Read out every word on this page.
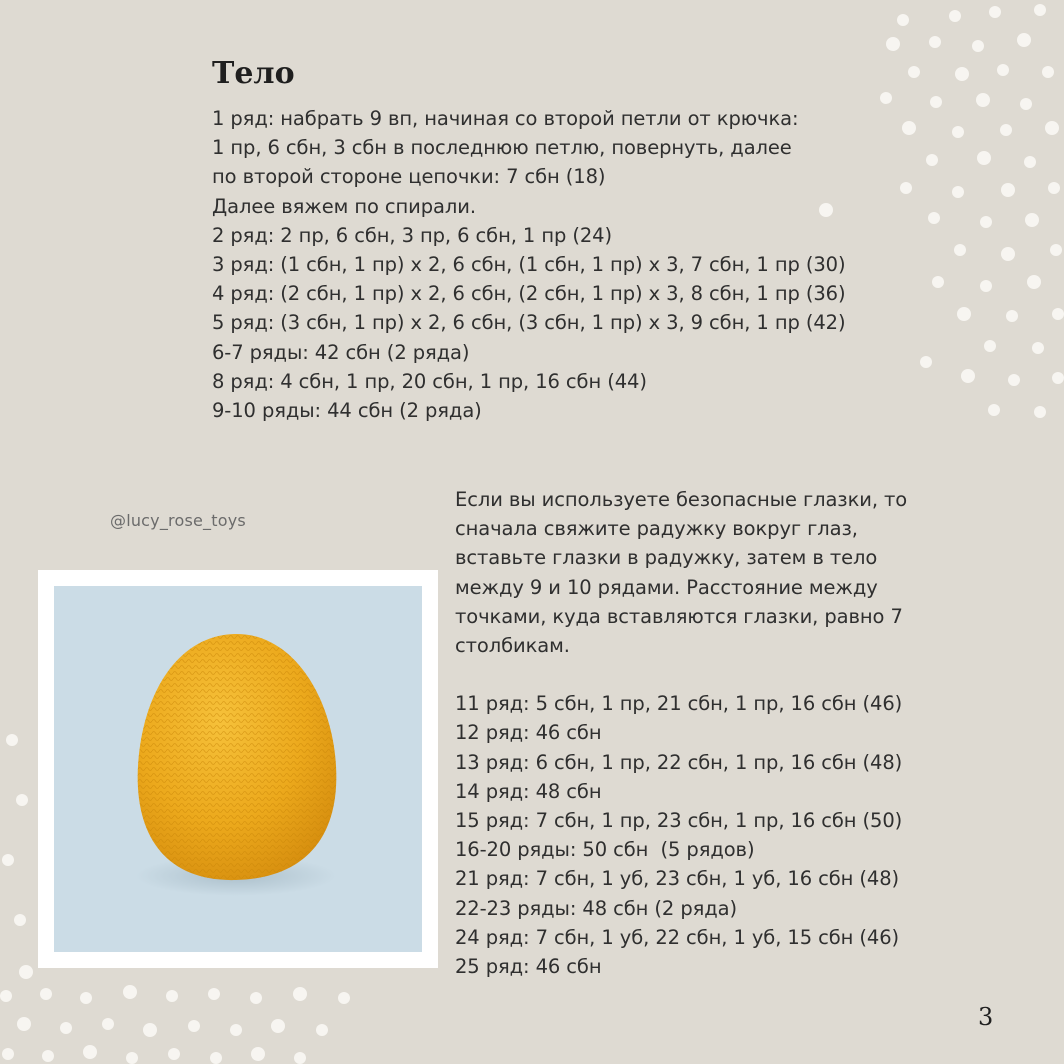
Тело
1 ряд: набрать 9 вп, начиная со второй петли от крючка:
1 пр, 6 сбн, 3 сбн в последнюю петлю, повернуть, далее
по второй стороне цепочки: 7 сбн (18)
Далее вяжем по спирали.
2 ряд: 2 пр, 6 сбн, 3 пр, 6 сбн, 1 пр (24)
3 ряд: (1 сбн, 1 пр) х 2, 6 сбн, (1 сбн, 1 пр) х 3, 7 сбн, 1 пр (30)
4 ряд: (2 сбн, 1 пр) х 2, 6 сбн, (2 сбн, 1 пр) х 3, 8 сбн, 1 пр (36)
5 ряд: (3 сбн, 1 пр) х 2, 6 сбн, (3 сбн, 1 пр) х 3, 9 сбн, 1 пр (42)
6-7 ряды: 42 сбн (2 ряда)
8 ряд: 4 сбн, 1 пр, 20 сбн, 1 пр, 16 сбн (44)
9-10 ряды: 44 сбн (2 ряда)
@lucy_rose_toys
Если вы используете безопасные глазки, то
сначала свяжите радужку вокруг глаз,
вставьте глазки в радужку, затем в тело
между 9 и 10 рядами. Расстояние между
точками, куда вставляются глазки, равно 7
столбикам.
11 ряд: 5 сбн, 1 пр, 21 сбн, 1 пр, 16 сбн (46)
12 ряд: 46 сбн
13 ряд: 6 сбн, 1 пр, 22 сбн, 1 пр, 16 сбн (48)
14 ряд: 48 сбн
15 ряд: 7 сбн, 1 пр, 23 сбн, 1 пр, 16 сбн (50)
16-20 ряды: 50 сбн  (5 рядов)
21 ряд: 7 сбн, 1 уб, 23 сбн, 1 уб, 16 сбн (48)
22-23 ряды: 48 сбн (2 ряда)
24 ряд: 7 сбн, 1 уб, 22 сбн, 1 уб, 15 сбн (46)
25 ряд: 46 сбн
3
